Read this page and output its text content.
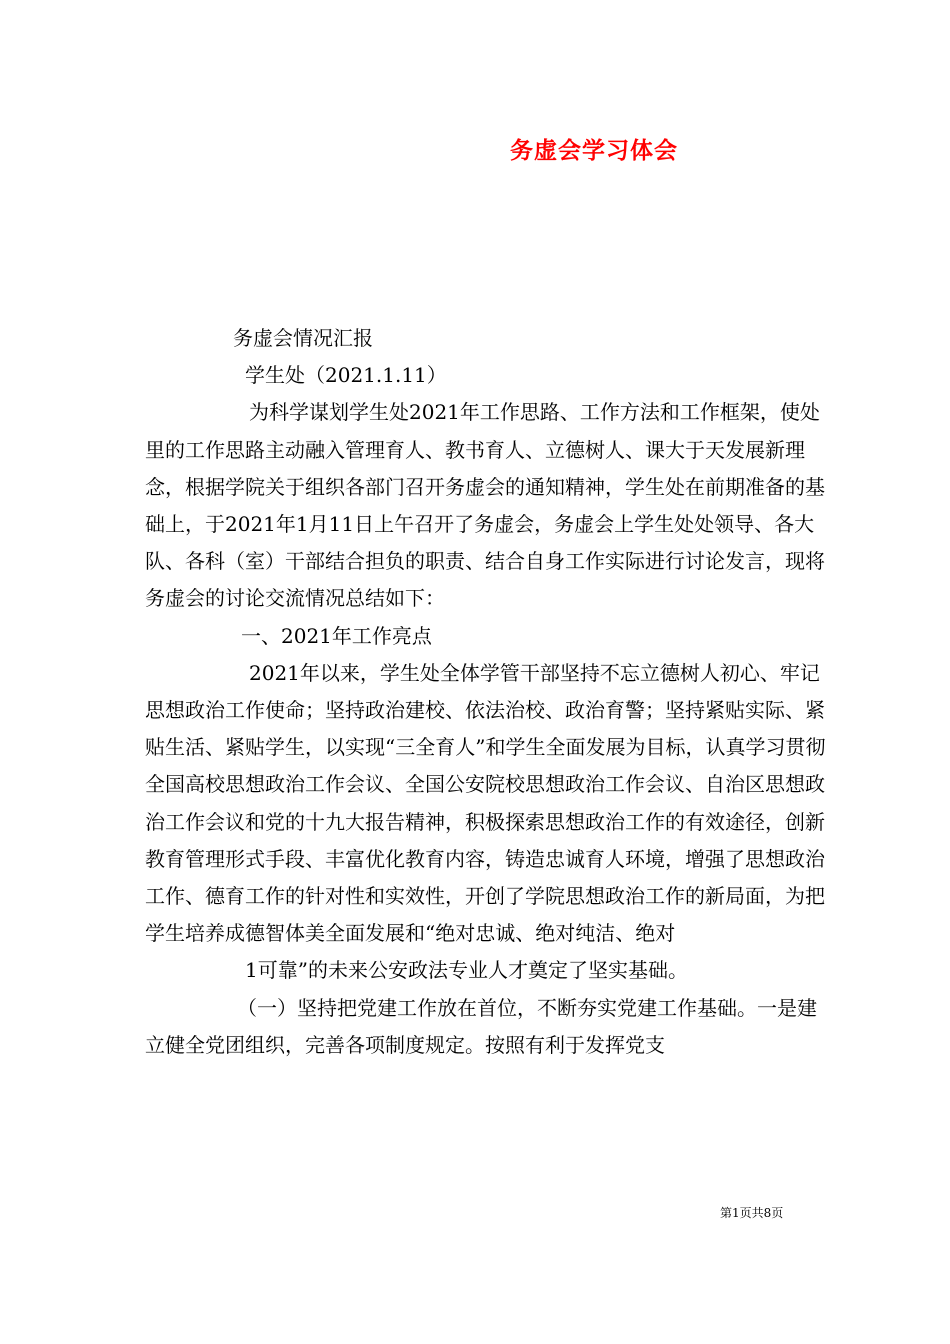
务虚会学习体会

务虚会情况汇报

学生处（2021.1.11）

为科学谋划学生处2021年工作思路、工作方法和工作框架，使处里的工作思路主动融入管理育人、教书育人、立德树人、课大于天发展新理念，根据学院关于组织各部门召开务虚会的通知精神，学生处在前期准备的基础上，于2021年1月11日上午召开了务虚会，务虚会上学生处处领导、各大队、各科（室）干部结合担负的职责、结合自身工作实际进行讨论发言，现将务虚会的讨论交流情况总结如下：

一、2021年工作亮点

2021年以来，学生处全体学管干部坚持不忘立德树人初心、牢记思想政治工作使命；坚持政治建校、依法治校、政治育警；坚持紧贴实际、紧贴生活、紧贴学生，以实现“三全育人”和学生全面发展为目标，认真学习贯彻全国高校思想政治工作会议、全国公安院校思想政治工作会议、自治区思想政治工作会议和党的十九大报告精神，积极探索思想政治工作的有效途径，创新教育管理形式手段、丰富优化教育内容，铸造忠诚育人环境，增强了思想政治工作、德育工作的针对性和实效性，开创了学院思想政治工作的新局面，为把学生培养成德智体美全面发展和“绝对忠诚、绝对纯洁、绝对

1可靠”的未来公安政法专业人才奠定了坚实基础。

（一）坚持把党建工作放在首位，不断夯实党建工作基础。一是建立健全党团组织，完善各项制度规定。按照有利于发挥党支

第1页共8页
